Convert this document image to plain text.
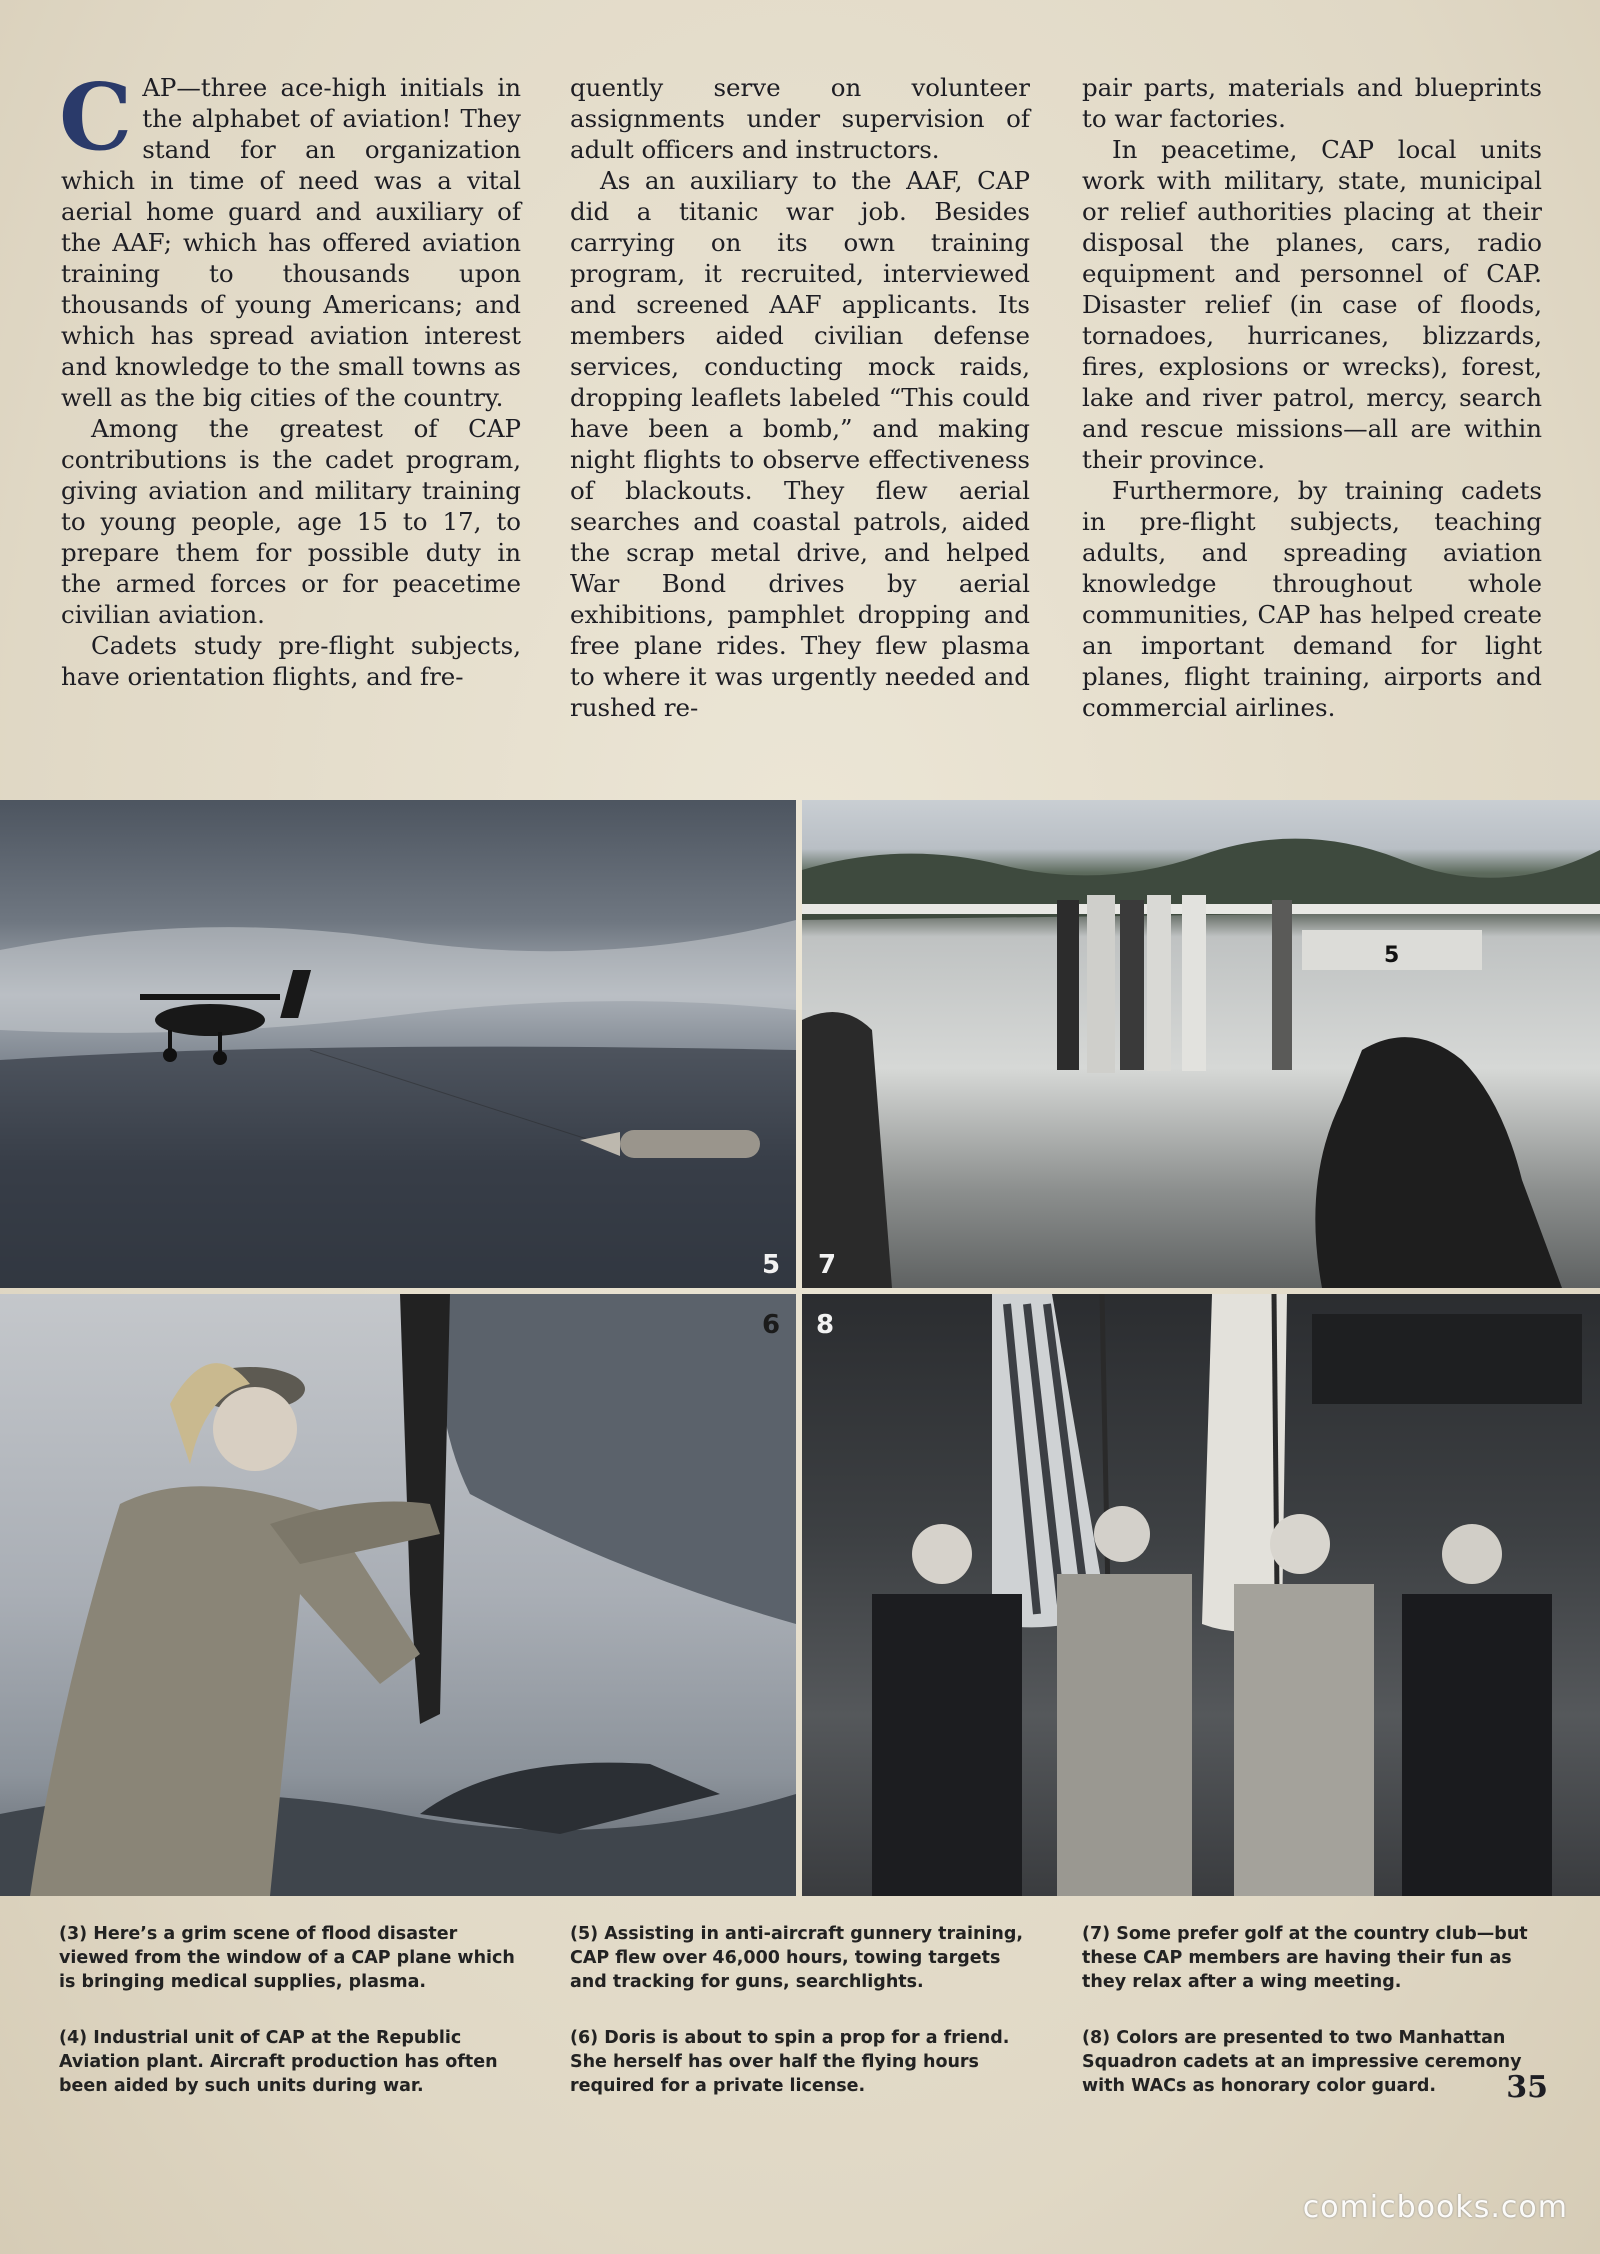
CAP—three ace-high initials in the alphabet of aviation! They stand for an organization which in time of need was a vital aerial home guard and auxiliary of the AAF; which has offered aviation training to thousands upon thousands of young Americans; and which has spread aviation interest and knowledge to the small towns as well as the big cities of the country.

Among the greatest of CAP contributions is the cadet program, giving aviation and military training to young people, age 15 to 17, to prepare them for possible duty in the armed forces or for peacetime civilian aviation.

Cadets study pre-flight subjects, have orientation flights, and fre-

quently serve on volunteer assignments under supervision of adult officers and instructors.

As an auxiliary to the AAF, CAP did a titanic war job. Besides carrying on its own training program, it recruited, interviewed and screened AAF applicants. Its members aided civilian defense services, conducting mock raids, dropping leaflets labeled “This could have been a bomb,” and making night flights to observe effectiveness of blackouts. They flew aerial searches and coastal patrols, aided the scrap metal drive, and helped War Bond drives by aerial exhibitions, pamphlet dropping and free plane rides. They flew plasma to where it was urgently needed and rushed re-

pair parts, materials and blueprints to war factories.

In peacetime, CAP local units work with military, state, municipal or relief authorities placing at their disposal the planes, cars, radio equipment and personnel of CAP. Disaster relief (in case of floods, tornadoes, hurricanes, blizzards, fires, explosions or wrecks), forest, lake and river patrol, mercy, search and rescue missions—all are within their province.

Furthermore, by training cadets in pre-flight subjects, teaching adults, and spreading aviation knowledge throughout whole communities, CAP has helped create an important demand for light planes, flight training, airports and commercial airlines.

5
5
7
6 8
(3) Here’s a grim scene of flood disaster viewed from the window of a CAP plane which is bringing medical supplies, plasma.
(4) Industrial unit of CAP at the Republic Aviation plant. Aircraft production has often been aided by such units during war.
(5) Assisting in anti-aircraft gunnery training, CAP flew over 46,000 hours, towing targets and tracking for guns, searchlights.
(6) Doris is about to spin a prop for a friend. She herself has over half the flying hours required for a private license.
(7) Some prefer golf at the country club—but these CAP members are having their fun as they relax after a wing meeting.
(8) Colors are presented to two Manhattan Squadron cadets at an impressive ceremony with WACs as honorary color guard.	35
comicbooks.com
